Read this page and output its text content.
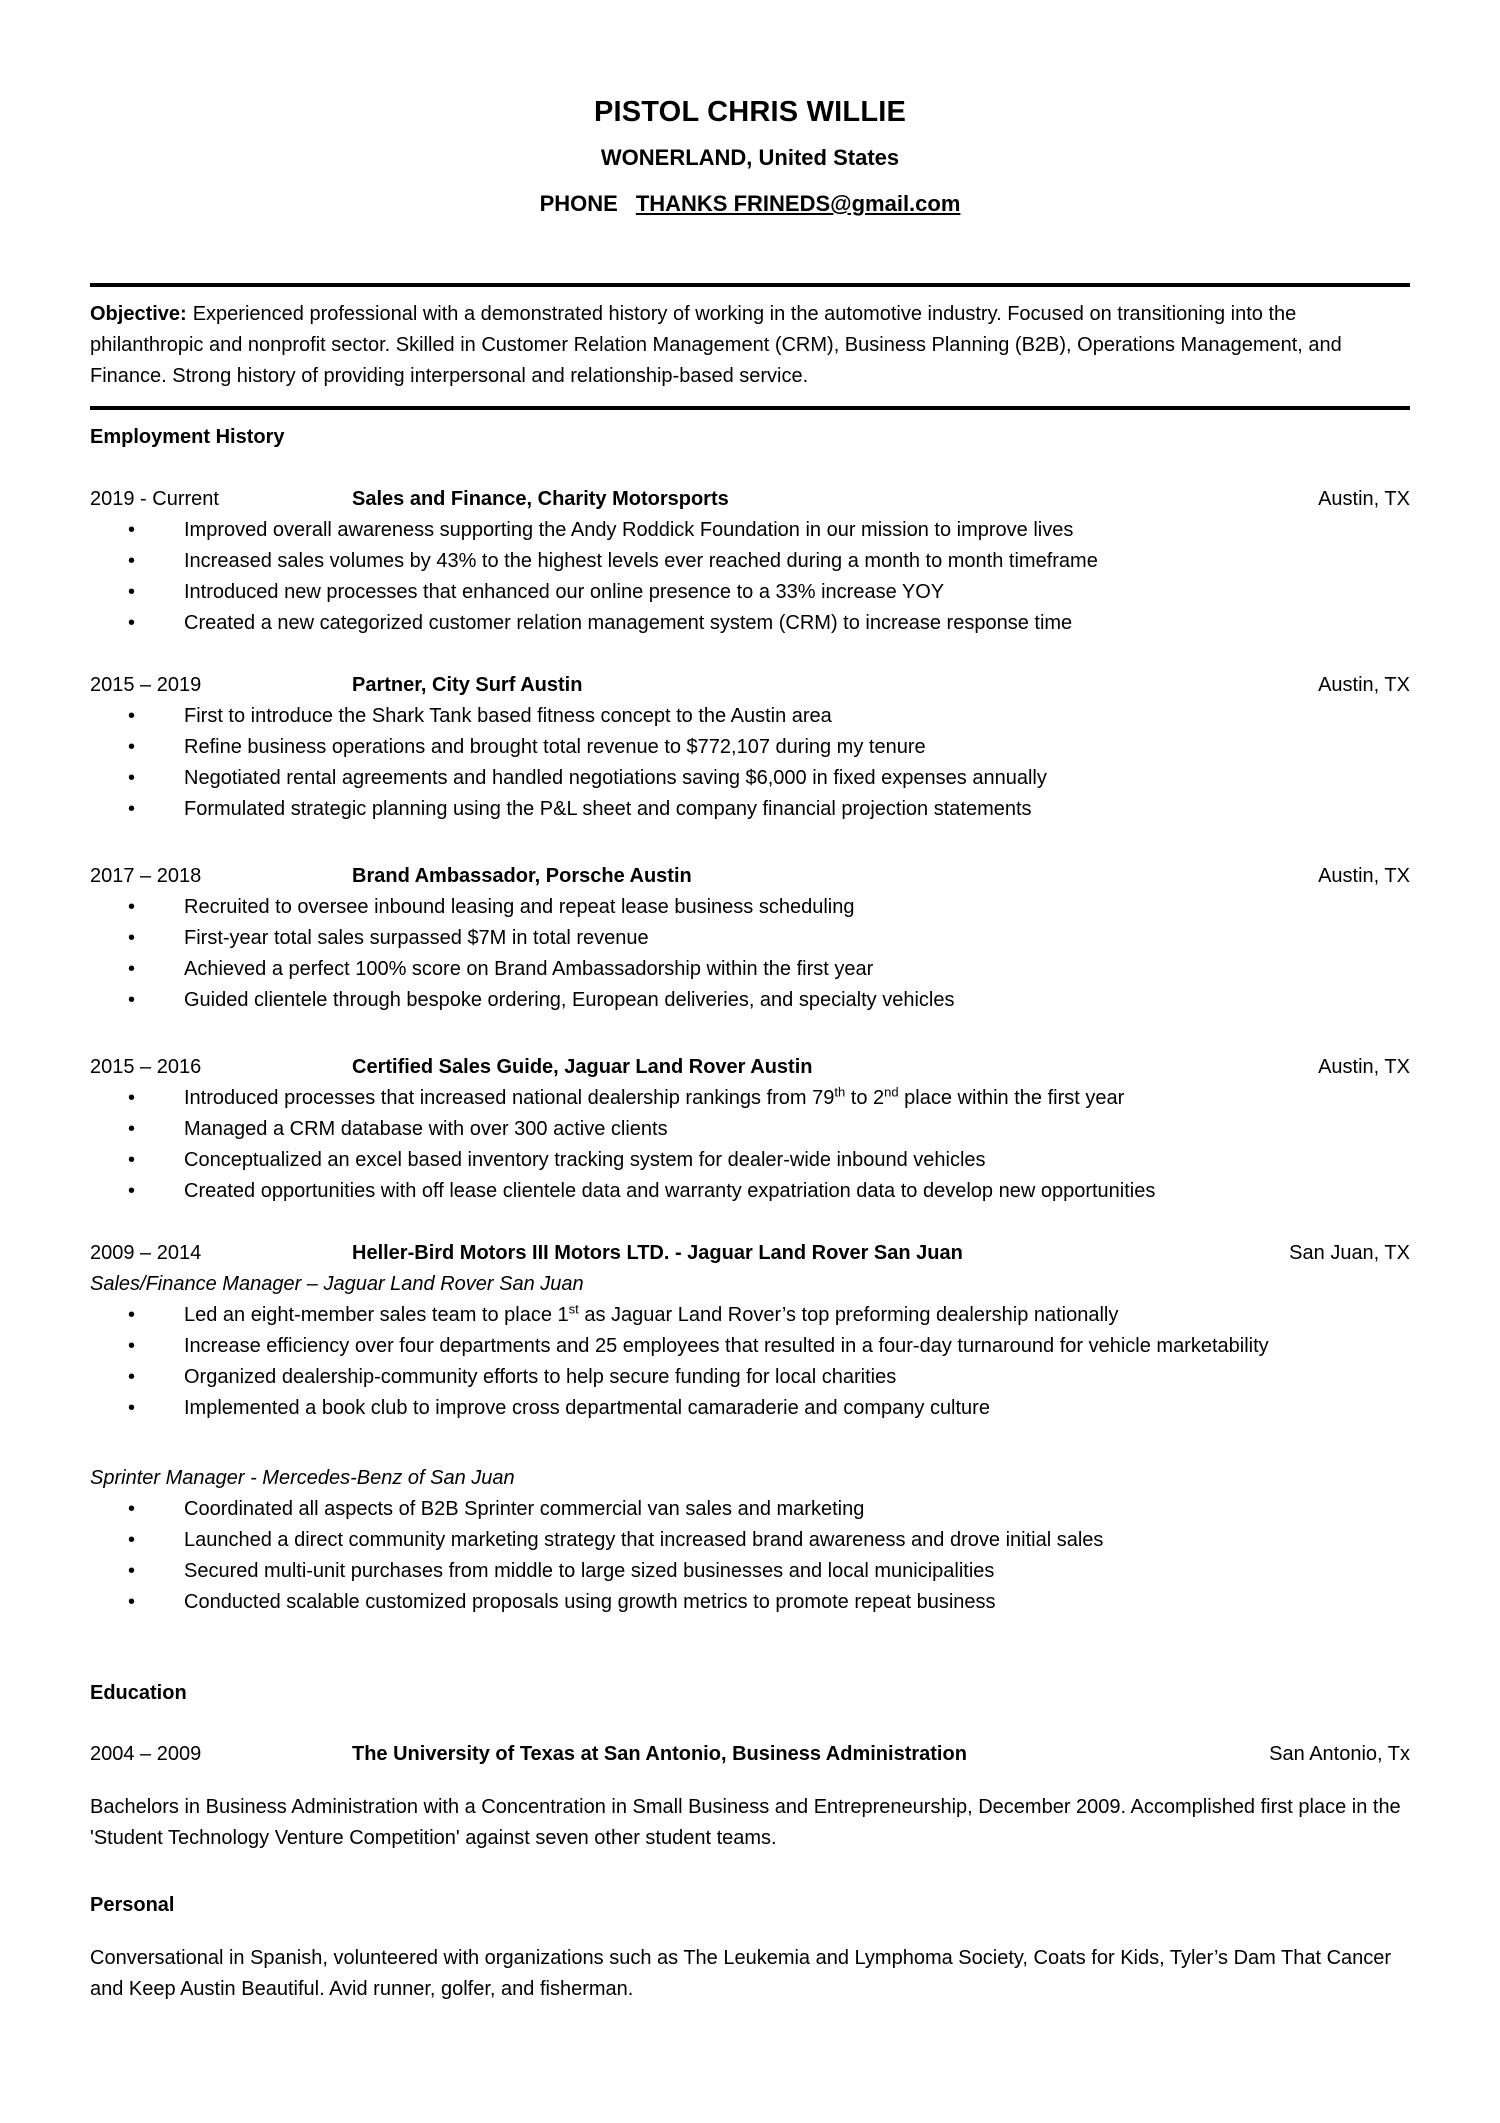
PISTOL CHRIS WILLIE
WONERLAND, United States
PHONE THANKS FRINEDS@gmail.com

Objective: Experienced professional with a demonstrated history of working in the automotive industry. Focused on transitioning into the philanthropic and nonprofit sector. Skilled in Customer Relation Management (CRM), Business Planning (B2B), Operations Management, and Finance. Strong history of providing interpersonal and relationship-based service.

Employment History
2019 - Current	Sales and Finance, Charity Motorsports	Austin, TX
• Improved overall awareness supporting the Andy Roddick Foundation in our mission to improve lives
• Increased sales volumes by 43% to the highest levels ever reached during a month to month timeframe
• Introduced new processes that enhanced our online presence to a 33% increase YOY
• Created a new categorized customer relation management system (CRM) to increase response time
2015 – 2019	Partner, City Surf Austin	Austin, TX
• First to introduce the Shark Tank based fitness concept to the Austin area
• Refine business operations and brought total revenue to $772,107 during my tenure
• Negotiated rental agreements and handled negotiations saving $6,000 in fixed expenses annually
• Formulated strategic planning using the P&L sheet and company financial projection statements
2017 – 2018	Brand Ambassador, Porsche Austin	Austin, TX
• Recruited to oversee inbound leasing and repeat lease business scheduling
• First-year total sales surpassed $7M in total revenue
• Achieved a perfect 100% score on Brand Ambassadorship within the first year
• Guided clientele through bespoke ordering, European deliveries, and specialty vehicles
2015 – 2016	Certified Sales Guide, Jaguar Land Rover Austin	Austin, TX
• Introduced processes that increased national dealership rankings from 79th to 2nd place within the first year
• Managed a CRM database with over 300 active clients
• Conceptualized an excel based inventory tracking system for dealer-wide inbound vehicles
• Created opportunities with off lease clientele data and warranty expatriation data to develop new opportunities
2009 – 2014	Heller-Bird Motors III Motors LTD. - Jaguar Land Rover San Juan	San Juan, TX
Sales/Finance Manager – Jaguar Land Rover San Juan
• Led an eight-member sales team to place 1st as Jaguar Land Rover’s top preforming dealership nationally
• Increase efficiency over four departments and 25 employees that resulted in a four-day turnaround for vehicle marketability
• Organized dealership-community efforts to help secure funding for local charities
• Implemented a book club to improve cross departmental camaraderie and company culture
Sprinter Manager - Mercedes-Benz of San Juan
• Coordinated all aspects of B2B Sprinter commercial van sales and marketing
• Launched a direct community marketing strategy that increased brand awareness and drove initial sales
• Secured multi-unit purchases from middle to large sized businesses and local municipalities
• Conducted scalable customized proposals using growth metrics to promote repeat business
Education
2004 – 2009	The University of Texas at San Antonio, Business Administration	San Antonio, Tx

Bachelors in Business Administration with a Concentration in Small Business and Entrepreneurship, December 2009. Accomplished first place in the 'Student Technology Venture Competition' against seven other student teams.

Personal

Conversational in Spanish, volunteered with organizations such as The Leukemia and Lymphoma Society, Coats for Kids, Tyler’s Dam That Cancer and Keep Austin Beautiful. Avid runner, golfer, and fisherman.
